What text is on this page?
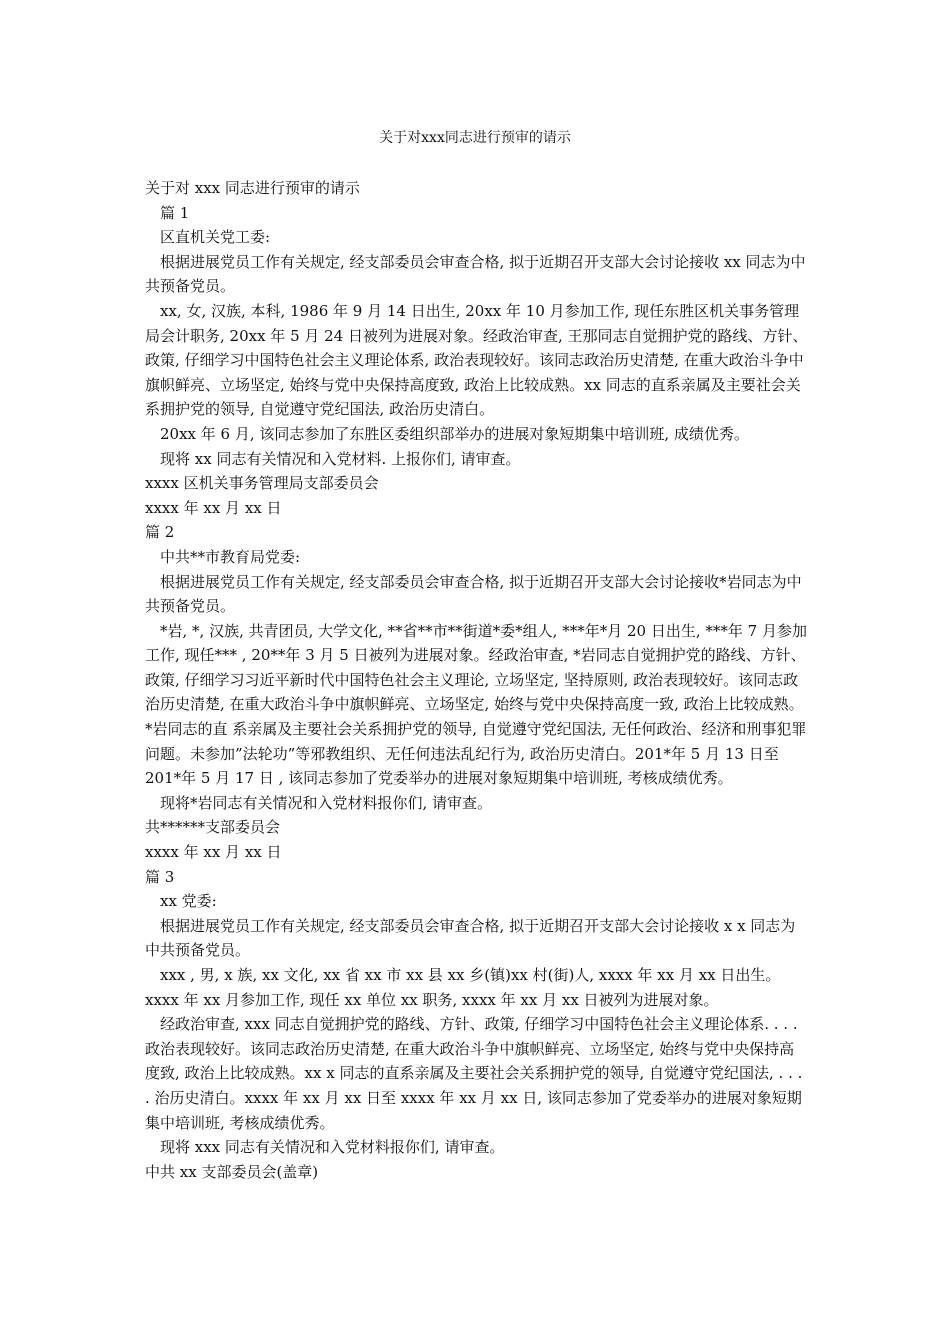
关于对xxx同志进行预审的请示

关于对 xxx 同志进行预审的请示

篇 1

区直机关党工委:

根据进展党员工作有关规定, 经支部委员会审查合格, 拟于近期召开支部大会讨论接收 xx 同志为中共预备党员。

xx, 女, 汉族, 本科, 1986 年 9 月 14 日出生, 20xx 年 10 月参加工作, 现任东胜区机关事务管理局会计职务, 20xx 年 5 月 24 日被列为进展对象。经政治审查, 王那同志自觉拥护党的路线、方针、政策, 仔细学习中国特色社会主义理论体系, 政治表现较好。该同志政治历史清楚, 在重大政治斗争中旗帜鲜亮、立场坚定, 始终与党中央保持高度致, 政治上比较成熟。xx 同志的直系亲属及主要社会关系拥护党的领导, 自觉遵守党纪国法, 政治历史清白。

20xx 年 6 月, 该同志参加了东胜区委组织部举办的进展对象短期集中培训班, 成绩优秀。

现将 xx 同志有关情况和入党材料. 上报你们, 请审查。

xxxx 区机关事务管理局支部委员会

xxxx 年 xx 月 xx 日

篇 2

中共**市教育局党委:

根据进展党员工作有关规定, 经支部委员会审查合格, 拟于近期召开支部大会讨论接收*岩同志为中共预备党员。

*岩, *, 汉族, 共青团员, 大学文化, **省**市**街道*委*组人, ***年*月 20 日出生, ***年 7 月参加工作, 现任*** , 20**年 3 月 5 日被列为进展对象。经政治审查, *岩同志自觉拥护党的路线、方针、政策, 仔细学习习近平新时代中国特色社会主义理论, 立场坚定, 坚持原则, 政治表现较好。该同志政治历史清楚, 在重大政治斗争中旗帜鲜亮、立场坚定, 始终与党中央保持高度一致, 政治上比较成熟。*岩同志的直 系亲属及主要社会关系拥护党的领导, 自觉遵守党纪国法, 无任何政治、经济和刑事犯罪问题。未参加”法轮功”等邪教组织、无任何违法乱纪行为, 政治历史清白。201*年 5 月 13 日至 201*年 5 月 17 日 , 该同志参加了党委举办的进展对象短期集中培训班, 考核成绩优秀。

现将*岩同志有关情况和入党材料报你们, 请审查。

共******支部委员会

xxxx 年 xx 月 xx 日

篇 3

xx 党委:

根据进展党员工作有关规定, 经支部委员会审查合格, 拟于近期召开支部大会讨论接收 x x 同志为中共预备党员。

xxx , 男, x 族, xx 文化, xx 省 xx 市 xx 县 xx 乡(镇)xx 村(街)人, xxxx 年 xx 月 xx 日出生。xxxx 年 xx 月参加工作, 现任 xx 单位 xx 职务, xxxx 年 xx 月 xx 日被列为进展对象。

经政治审查, xxx 同志自觉拥护党的路线、方针、政策, 仔细学习中国特色社会主义理论体系. . . . 政治表现较好。该同志政治历史清楚, 在重大政治斗争中旗帜鲜亮、立场坚定, 始终与党中央保持高度致, 政治上比较成熟。xx x 同志的直系亲属及主要社会关系拥护党的领导, 自觉遵守党纪国法, . . . . 治历史清白。xxxx 年 xx 月 xx 日至 xxxx 年 xx 月 xx 日, 该同志参加了党委举办的进展对象短期集中培训班, 考核成绩优秀。

现将 xxx 同志有关情况和入党材料报你们, 请审查。

中共 xx 支部委员会(盖章)
